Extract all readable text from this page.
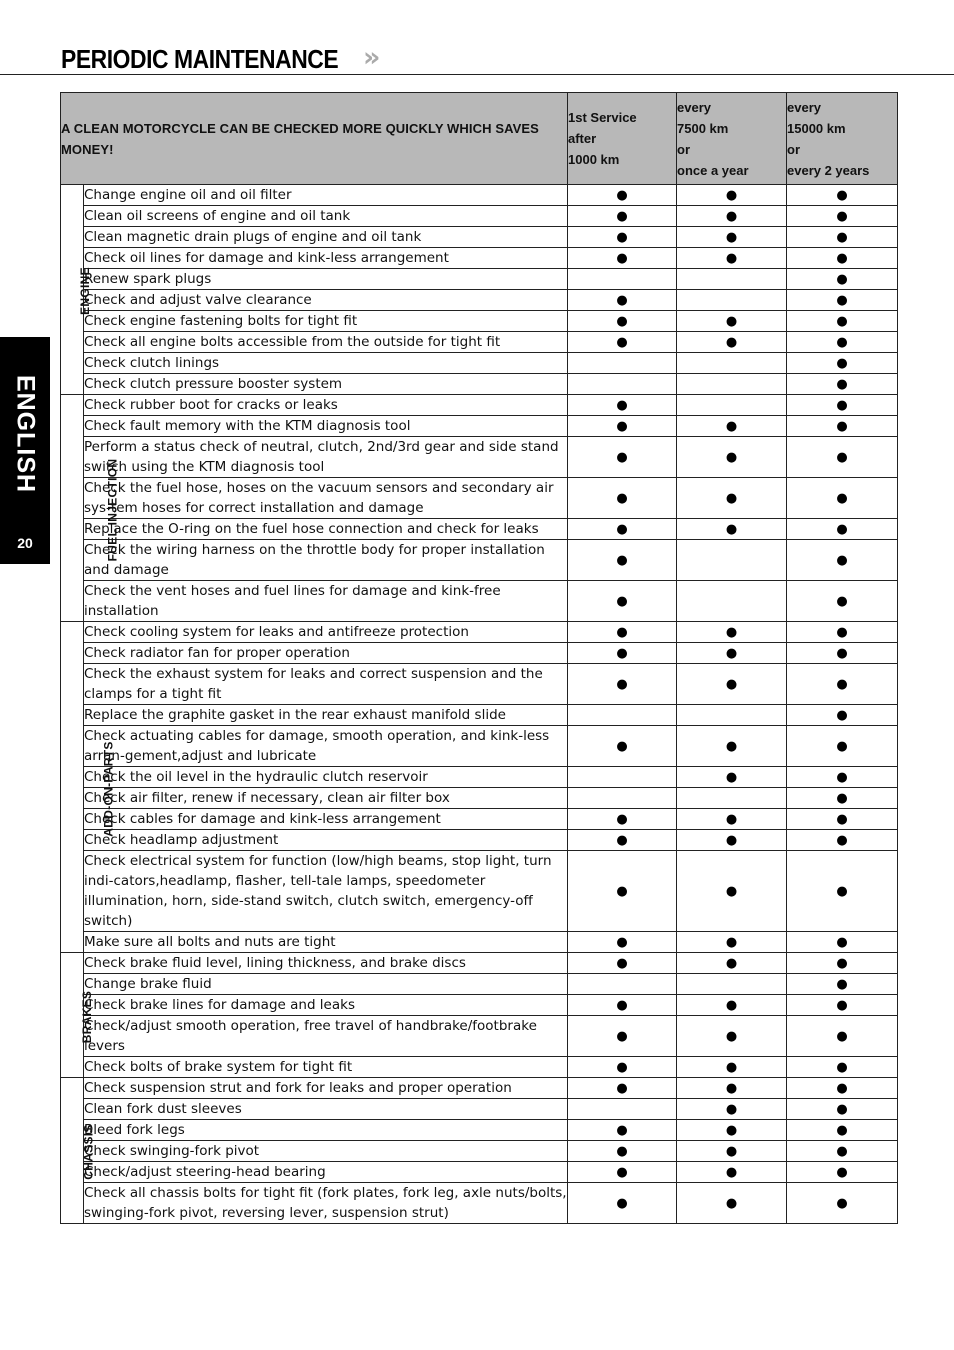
PERIODIC MAINTENANCE »
ENGLISH
20
A CLEAN MOTORCYCLE CAN BE CHECKED MORE QUICKLY WHICH SAVES MONEY!		1st Service
after
1000 km	every
7500 km
or
once a year	every
15000 km
or
every 2 years

ENGINE	Change engine oil and oil filter	●	●	●
	Clean oil screens of engine and oil tank	●	●	●
	Clean magnetic drain plugs of engine and oil tank	●	●	●
	Check oil lines for damage and kink-less arrangement	●	●	●
	Renew spark plugs			●
	Check and adjust valve clearance	●		●
	Check engine fastening bolts for tight fit	●	●	●
	Check all engine bolts accessible from the outside for tight fit	●	●	●
	Check clutch linings			●
	Check clutch pressure booster system			●
FUEL INJECTION	Check rubber boot for cracks or leaks	●		●
	Check fault memory with the KTM diagnosis tool	●	●	●
	Perform a status check of neutral, clutch, 2nd/3rd gear and side stand switch using the KTM diagnosis tool	●	●	●
	Check the fuel hose, hoses on the vacuum sensors and secondary air sys-tem hoses for correct installation and damage	●	●	●
	Replace the O-ring on the fuel hose connection and check for leaks	●	●	●
	Check the wiring harness on the throttle body for proper installation and damage	●		●
	Check the vent hoses and fuel lines for damage and kink-free installation	●		●
ADD-ON-PARTS	Check cooling system for leaks and antifreeze protection	●	●	●
	Check radiator fan for proper operation	●	●	●
	Check the exhaust system for leaks and correct suspension and the clamps for a tight fit	●	●	●
	Replace the graphite gasket in the rear exhaust manifold slide			●
	Check actuating cables for damage, smooth operation, and kink-less arran-gement,adjust and lubricate	●	●	●
	Check the oil level in the hydraulic clutch reservoir		●	●
	Check air filter, renew if necessary, clean air filter box			●
	Check cables for damage and kink-less arrangement	●	●	●
	Check headlamp adjustment	●	●	●
	Check electrical system for function (low/high beams, stop light, turn indi-cators,headlamp, flasher, tell-tale lamps, speedometer illumination, horn, side-stand switch, clutch switch, emergency-off switch)	●	●	●
	Make sure all bolts and nuts are tight	●	●	●
BRAKES	Check brake fluid level, lining thickness, and brake discs	●	●	●
	Change brake fluid			●
	Check brake lines for damage and leaks	●	●	●
	Check/adjust smooth operation, free travel of handbrake/footbrake levers	●	●	●
	Check bolts of brake system for tight fit	●	●	●
CHASSIS	Check suspension strut and fork for leaks and proper operation	●	●	●
	Clean fork dust sleeves		●	●
	Bleed fork legs	●	●	●
	Check swinging-fork pivot	●	●	●
	Check/adjust steering-head bearing	●	●	●
	Check all chassis bolts for tight fit (fork plates, fork leg, axle nuts/bolts, swinging-fork pivot, reversing lever, suspension strut)	●	●	●
